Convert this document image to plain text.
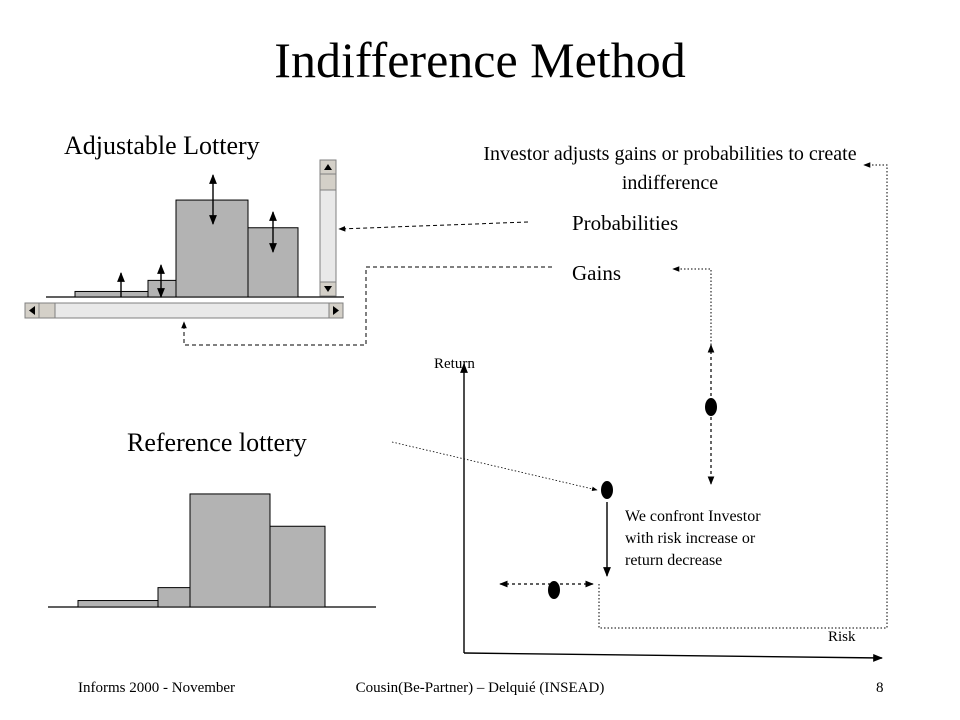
Indifference Method
Adjustable Lottery	Investor adjusts gains or probabilities to create indifference
Probabilities
Gains
Reference lottery
Return
Risk
We confront Investor with risk increase or return decrease
Informs 2000 - November	Cousin(Be-Partner) – Delquié (INSEAD)	8
